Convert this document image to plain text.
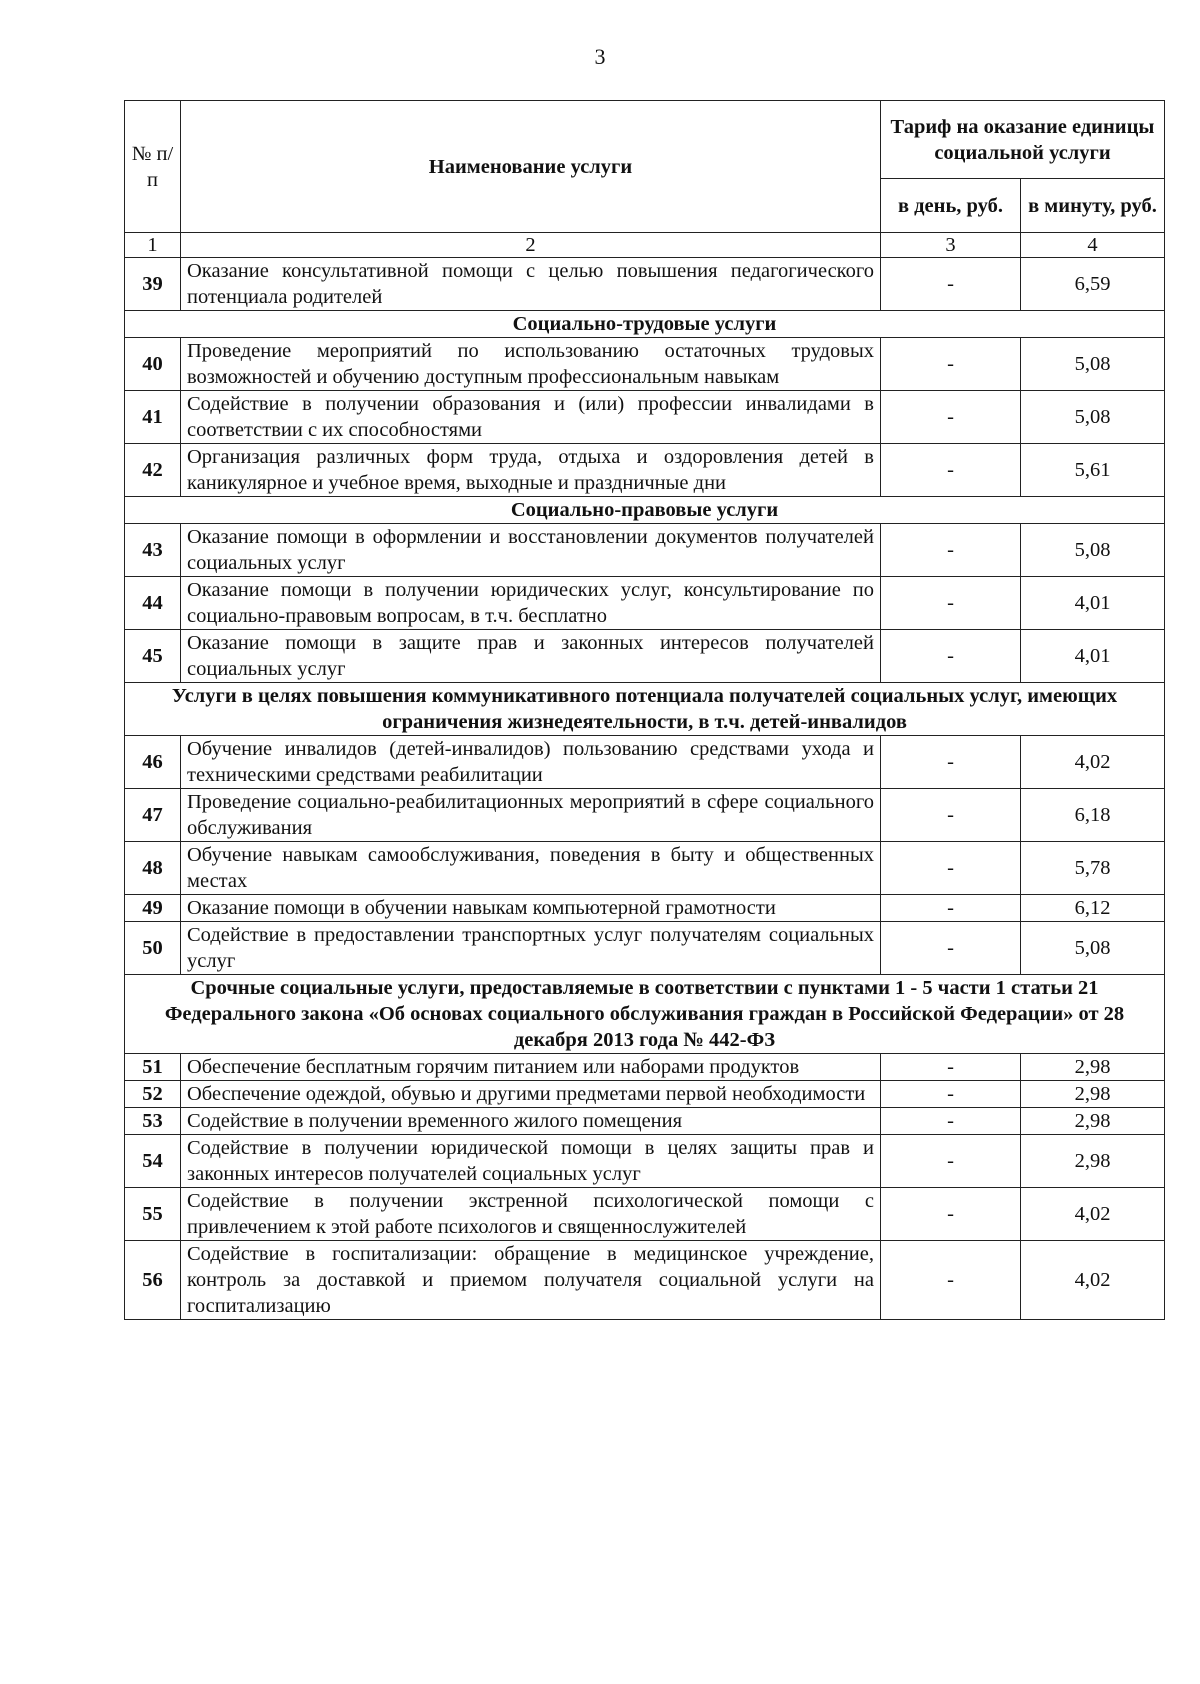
3
№ п/п	Наименование услуги	Тариф на оказание единицы социальной услуги	
		в день, руб.	в минуту, руб.
1	2	3	4
39	Оказание консультативной помощи с целью повышения педагогического потенциала родителей	-	6,59
Социально-трудовые услуги			
40	Проведение мероприятий по использованию остаточных трудовых возможностей и обучению доступным профессиональным навыкам	-	5,08
41	Содействие в получении образования и (или) профессии инвалидами в соответствии с их способностями	-	5,08
42	Организация различных форм труда, отдыха и оздоровления детей в каникулярное и учебное время, выходные и праздничные дни	-	5,61
Социально-правовые услуги			
43	Оказание помощи в оформлении и восстановлении документов получателей социальных услуг	-	5,08
44	Оказание помощи в получении юридических услуг, консультирование по социально-правовым вопросам, в т.ч. бесплатно	-	4,01
45	Оказание помощи в защите прав и законных интересов получателей социальных услуг	-	4,01
Услуги в целях повышения коммуникативного потенциала получателей социальных услуг, имеющих ограничения жизнедеятельности, в т.ч. детей-инвалидов			
46	Обучение инвалидов (детей-инвалидов) пользованию средствами ухода и техническими средствами реабилитации	-	4,02
47	Проведение социально-реабилитационных мероприятий в сфере социального обслуживания	-	6,18
48	Обучение навыкам самообслуживания, поведения в быту и общественных местах	-	5,78
49	Оказание помощи в обучении навыкам компьютерной грамотности	-	6,12
50	Содействие в предоставлении транспортных услуг получателям социальных услуг	-	5,08
Срочные социальные услуги, предоставляемые в соответствии с пунктами 1 - 5 части 1 статьи 21 Федерального закона «Об основах социального обслуживания граждан в Российской Федерации» от 28 декабря 2013 года № 442-ФЗ			
51	Обеспечение бесплатным горячим питанием или наборами продуктов	-	2,98
52	Обеспечение одеждой, обувью и другими предметами первой необходимости	-	2,98
53	Содействие в получении временного жилого помещения	-	2,98
54	Содействие в получении юридической помощи в целях защиты прав и законных интересов получателей социальных услуг	-	2,98
55	Содействие в получении экстренной психологической помощи с привлечением к этой работе психологов и священнослужителей	-	4,02
56	Содействие в госпитализации: обращение в медицинское учреждение, контроль за доставкой и приемом получателя социальной услуги на госпитализацию	-	4,02
